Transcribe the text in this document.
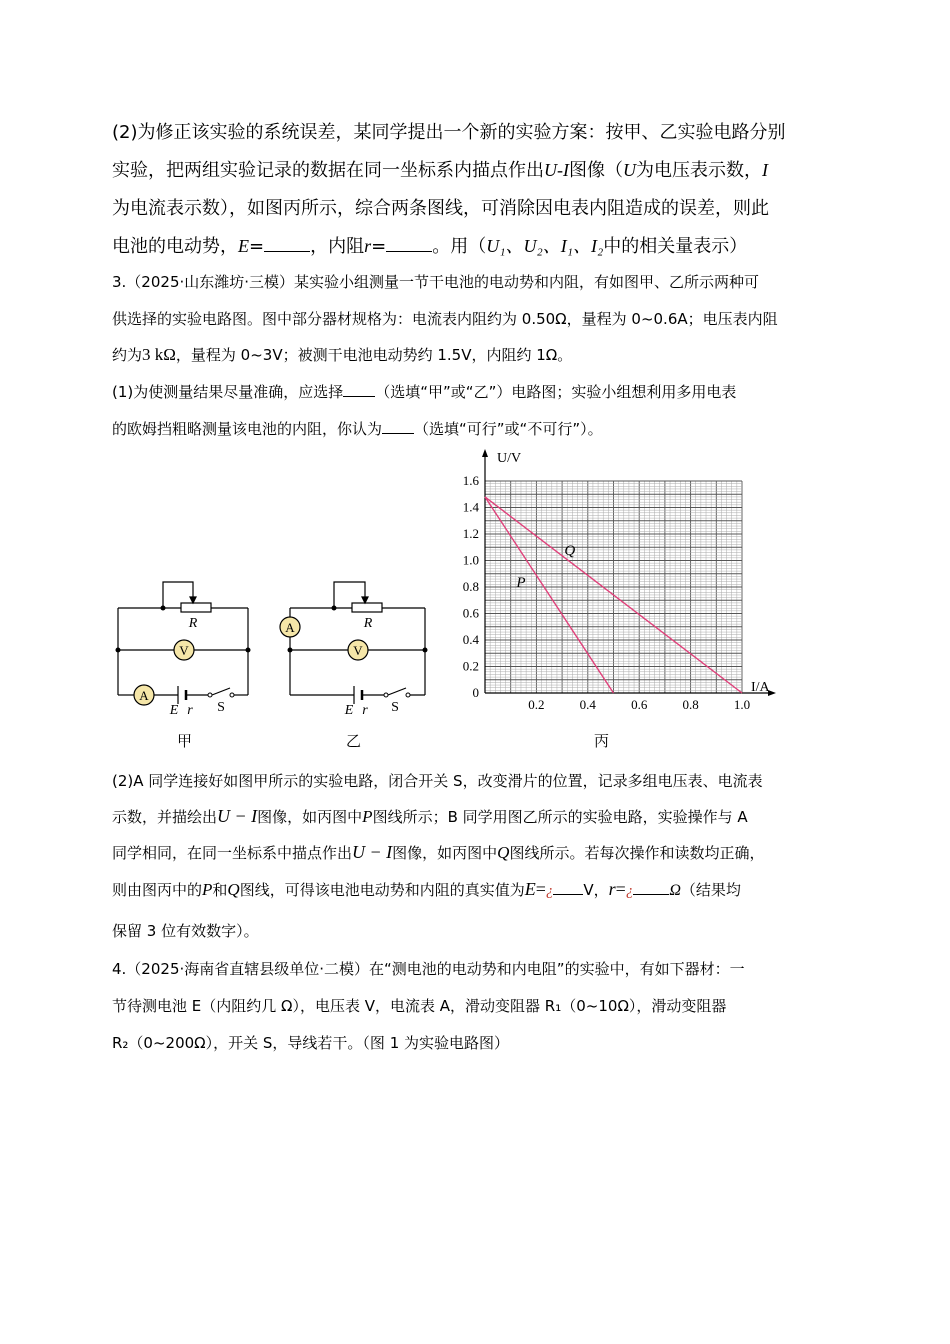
(2)为修正该实验的系统误差，某同学提出一个新的实验方案：按甲、乙实验电路分别
实验，把两组实验记录的数据在同一坐标系内描点作出U-I图像（U为电压表示数，I
为电流表示数），如图丙所示，综合两条图线，可消除因电表内阻造成的误差，则此
电池的电动势，E=	，内阻r=	。用（U₁、U₂、I₁、I₂中的相关量表示）
3.（2025·山东潍坊·三模）某实验小组测量一节干电池的电动势和内阻，有如图甲、乙所示两种可
供选择的实验电路图。图中部分器材规格为：电流表内阻约为 0.50Ω，量程为 0~0.6A；电压表内阻
约为3 kΩ，量程为 0~3V；被测干电池电动势约 1.5V，内阻约 1Ω。
(1)为使测量结果尽量准确，应选择 （选填“甲”或“乙”）电路图；实验小组想利用多用电表
的欧姆挡粗略测量该电池的内阻，你认为 （选填“可行”或“不可行”）。
V
A
R
E r S
甲
A
V
R
E r S
乙
0.2	0.4	0.6	0.8	1.0
0
0.2
0.4
0.6
0.8
1.0
1.2
1.4
1.6
P
Q
U/V
I/A
丙
(2)A 同学连接好如图甲所示的实验电路，闭合开关 S，改变滑片的位置，记录多组电压表、电流表
示数，并描绘出U − I图像，如丙图中P图线所示；B 同学用图乙所示的实验电路，实验操作与 A
同学相同，在同一坐标系中描点作出U − I图像，如丙图中Q图线所示。若每次操作和读数均正确，
则由图丙中的P和Q图线，可得该电池电动势和内阻的真实值为E=¿ V，r=¿ Ω（结果均
保留 3 位有效数字）。
4.（2025·海南省直辖县级单位·二模）在“测电池的电动势和内电阻”的实验中，有如下器材：一
节待测电池 E（内阻约几 Ω），电压表 V，电流表 A，滑动变阻器 R₁（0~10Ω），滑动变阻器
R₂（0~200Ω），开关 S，导线若干。（图 1 为实验电路图）
